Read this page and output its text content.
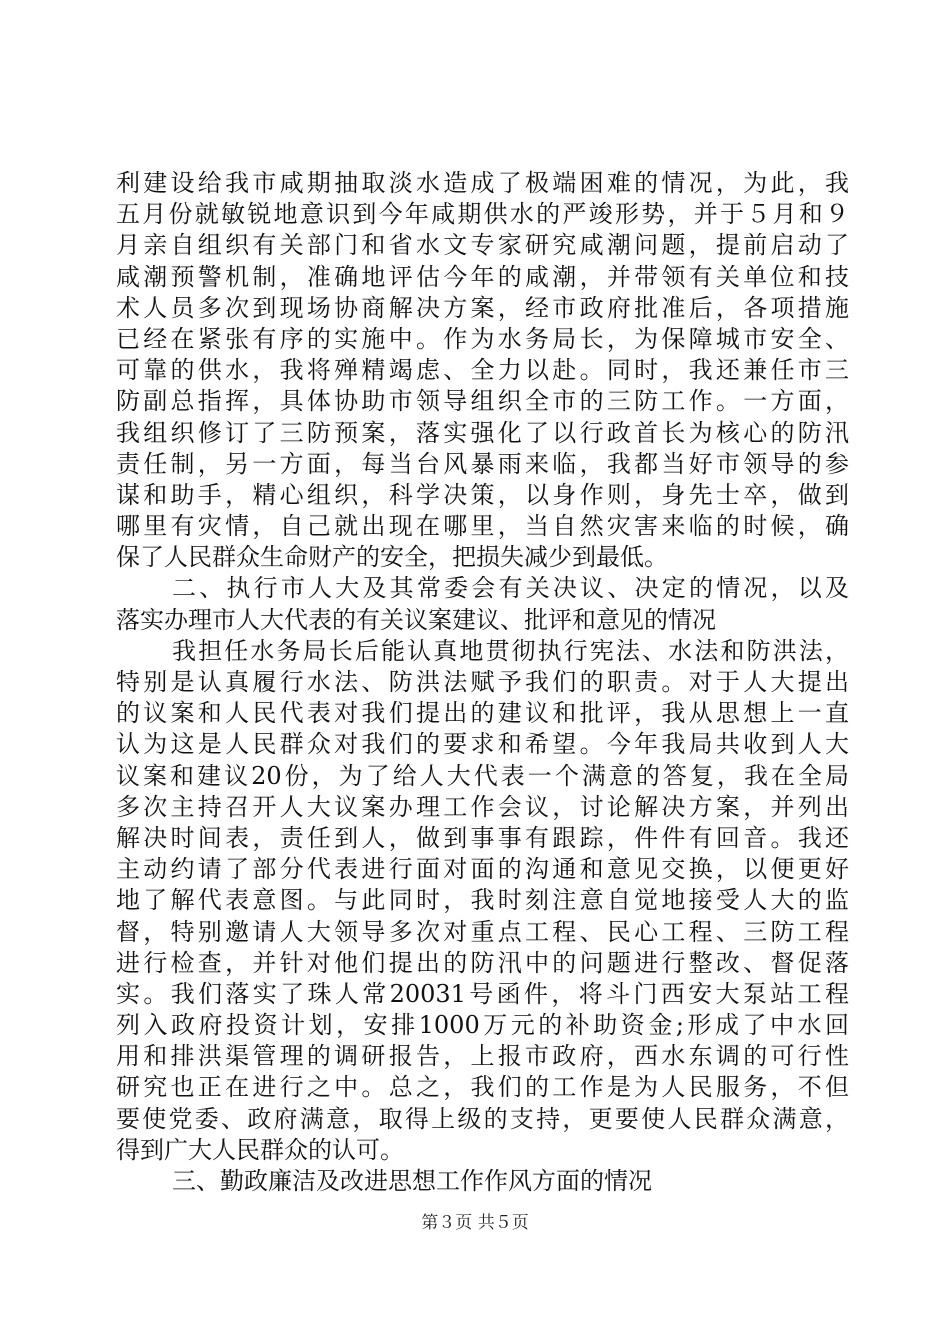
利建设给我市咸期抽取淡水造成了极端困难的情况，为此，我
五月份就敏锐地意识到今年咸期供水的严竣形势，并于５月和９
月亲自组织有关部门和省水文专家研究咸潮问题，提前启动了
咸潮预警机制，准确地评估今年的咸潮，并带领有关单位和技
术人员多次到现场协商解决方案，经市政府批准后，各项措施
已经在紧张有序的实施中。作为水务局长，为保障城市安全、
可靠的供水，我将殚精竭虑、全力以赴。同时，我还兼任市三
防副总指挥，具体协助市领导组织全市的三防工作。一方面，
我组织修订了三防预案，落实强化了以行政首长为核心的防汛
责任制，另一方面，每当台风暴雨来临，我都当好市领导的参
谋和助手，精心组织，科学决策，以身作则，身先士卒，做到
哪里有灾情，自己就出现在哪里，当自然灾害来临的时候，确
保了人民群众生命财产的安全，把损失减少到最低。
二、执行市人大及其常委会有关决议、决定的情况，以及
落实办理市人大代表的有关议案建议、批评和意见的情况
我担任水务局长后能认真地贯彻执行宪法、水法和防洪法，
特别是认真履行水法、防洪法赋予我们的职责。对于人大提出
的议案和人民代表对我们提出的建议和批评，我从思想上一直
认为这是人民群众对我们的要求和希望。今年我局共收到人大
议案和建议20份，为了给人大代表一个满意的答复，我在全局
多次主持召开人大议案办理工作会议，讨论解决方案，并列出
解决时间表，责任到人，做到事事有跟踪，件件有回音。我还
主动约请了部分代表进行面对面的沟通和意见交换，以便更好
地了解代表意图。与此同时，我时刻注意自觉地接受人大的监
督，特别邀请人大领导多次对重点工程、民心工程、三防工程
进行检查，并针对他们提出的防汛中的问题进行整改、督促落
实。我们落实了珠人常20031号函件，将斗门西安大泵站工程
列入政府投资计划，安排1000万元的补助资金;形成了中水回
用和排洪渠管理的调研报告，上报市政府，西水东调的可行性
研究也正在进行之中。总之，我们的工作是为人民服务，不但
要使党委、政府满意，取得上级的支持，更要使人民群众满意，
得到广大人民群众的认可。
三、勤政廉洁及改进思想工作作风方面的情况
第３页 共５页
